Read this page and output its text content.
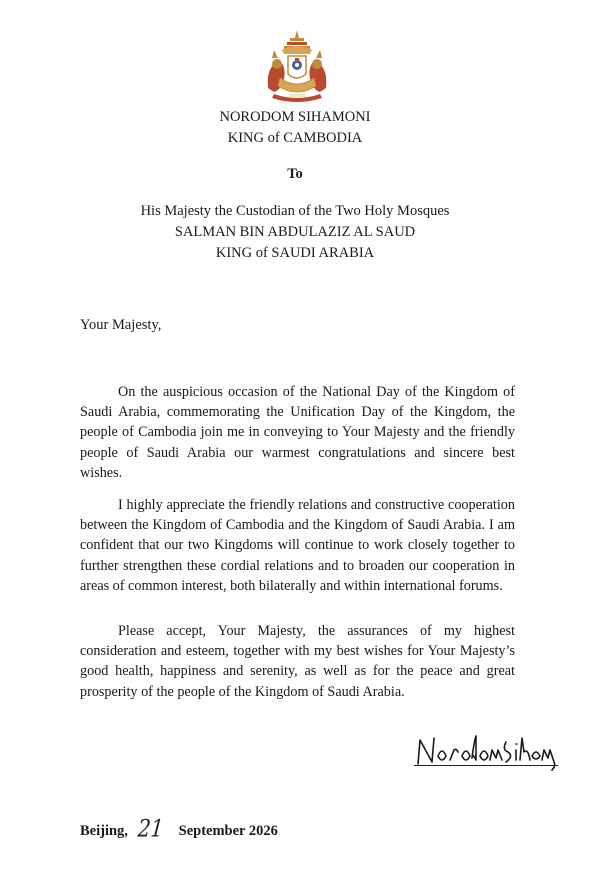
NORODOM SIHAMONI
KING of CAMBODIA
To
His Majesty the Custodian of the Two Holy Mosques
SALMAN BIN ABDULAZIZ AL SAUD
KING of SAUDI ARABIA
Your Majesty,

On the auspicious occasion of the National Day of the Kingdom of Saudi Arabia, commemorating the Unification Day of the Kingdom, the people of Cambodia join me in conveying to Your Majesty and the friendly people of Saudi Arabia our warmest congratulations and sincere best wishes.

I highly appreciate the friendly relations and constructive cooperation between the Kingdom of Cambodia and the Kingdom of Saudi Arabia. I am confident that our two Kingdoms will continue to work closely together to further strengthen these cordial relations and to broaden our cooperation in areas of common interest, both bilaterally and within international forums.

Please accept, Your Majesty, the assurances of my highest consideration and esteem, together with my best wishes for Your Majesty’s good health, happiness and serenity, as well as for the peace and great prosperity of the people of the Kingdom of Saudi Arabia.

Beijing, 21 September 2026
